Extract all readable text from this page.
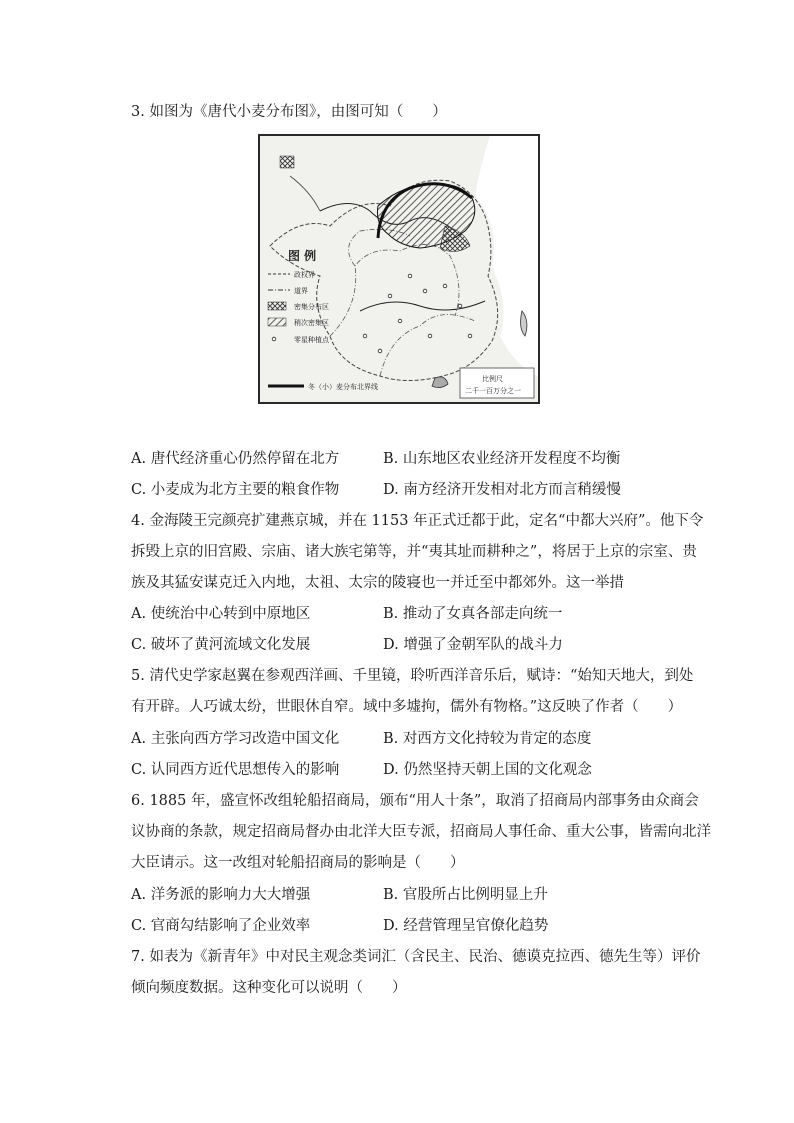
3. 如图为《唐代小麦分布图》，由图可知（　　）
图 例
政权界
道界
密集分布区
稍次密集区
零星种植点
冬（小）麦分布北界线
比例尺
二千一百万分之一
A. 唐代经济重心仍然停留在北方	B. 山东地区农业经济开发程度不均衡
C. 小麦成为北方主要的粮食作物	D. 南方经济开发相对北方而言稍缓慢
4. 金海陵王完颜亮扩建燕京城，并在 1153 年正式迁都于此，定名“中都大兴府”。他下令
拆毁上京的旧宫殿、宗庙、诸大族宅第等，并“夷其址而耕种之”，将居于上京的宗室、贵
族及其猛安谋克迁入内地，太祖、太宗的陵寝也一并迁至中都郊外。这一举措
A. 使统治中心转到中原地区	B. 推动了女真各部走向统一
C. 破坏了黄河流域文化发展	D. 增强了金朝军队的战斗力
5. 清代史学家赵翼在参观西洋画、千里镜，聆听西洋音乐后，赋诗：“始知天地大，到处
有开辟。人巧诚太纷，世眼休自窄。域中多墟拘，儒外有物格。”这反映了作者（　　）
A. 主张向西方学习改造中国文化	B. 对西方文化持较为肯定的态度
C. 认同西方近代思想传入的影响	D. 仍然坚持天朝上国的文化观念
6. 1885 年，盛宣怀改组轮船招商局，颁布“用人十条”，取消了招商局内部事务由众商会
议协商的条款，规定招商局督办由北洋大臣专派，招商局人事任命、重大公事，皆需向北洋
大臣请示。这一改组对轮船招商局的影响是（　　）
A. 洋务派的影响力大大增强	B. 官股所占比例明显上升
C. 官商勾结影响了企业效率	D. 经营管理呈官僚化趋势
7. 如表为《新青年》中对民主观念类词汇（含民主、民治、德谟克拉西、德先生等）评价
倾向频度数据。这种变化可以说明（　　）
